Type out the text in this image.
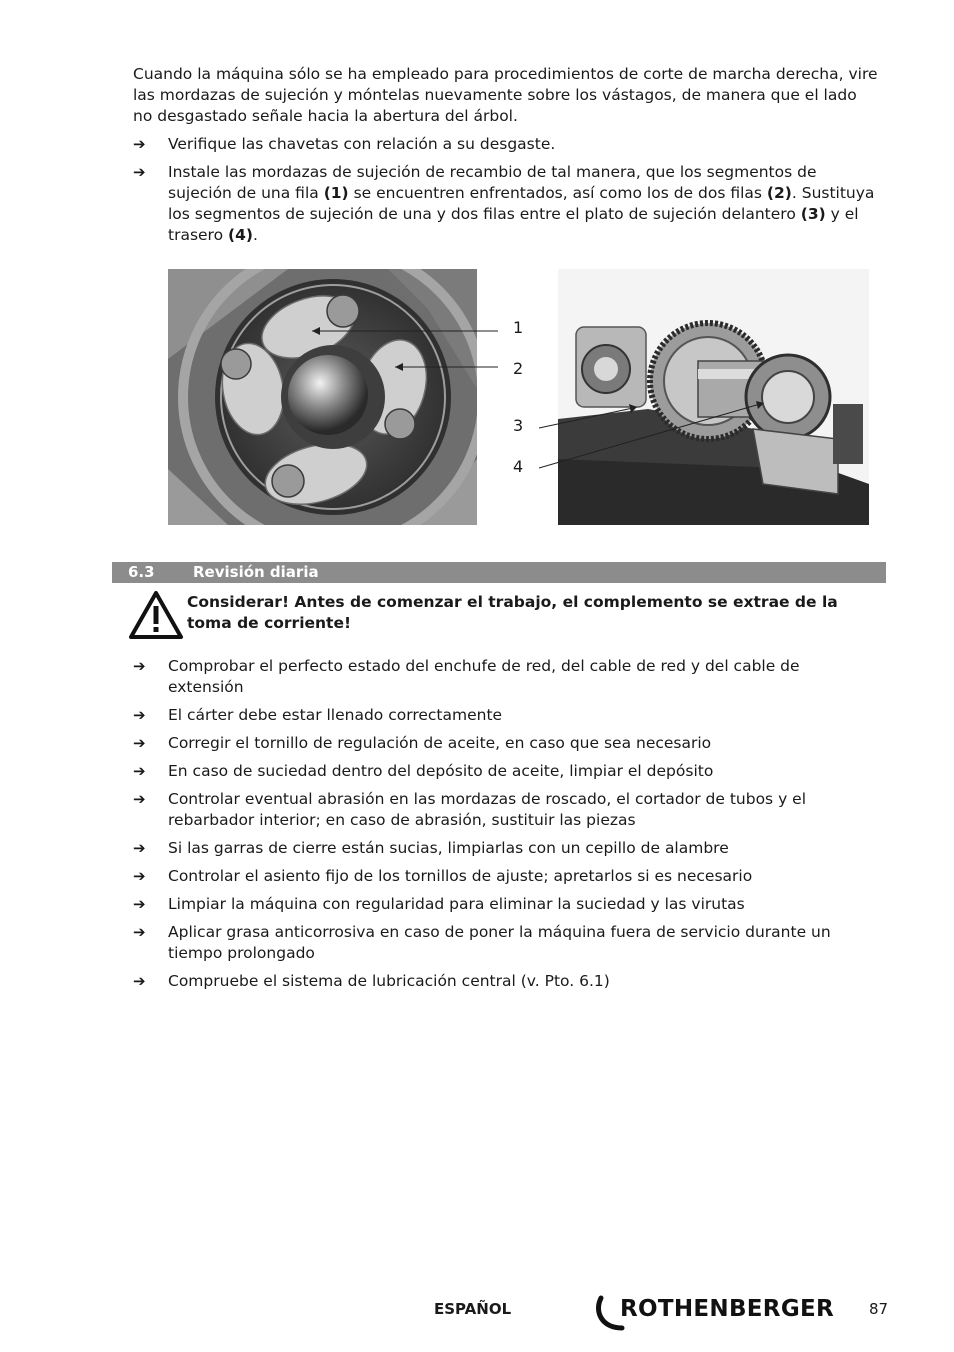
Cuando la máquina sólo se ha empleado para procedimientos de corte de marcha derecha, vire las mordazas de sujeción y móntelas nuevamente sobre los vástagos, de manera que el lado no desgastado señale hacia la abertura del árbol.

➔	Verifique las chavetas con relación a su desgaste.
➔	Instale las mordazas de sujeción de recambio de tal manera, que los segmentos de sujeción de una fila (1) se encuentren enfrentados, así como los de dos filas (2). Sustituya los segmentos de sujeción de una y dos filas entre el plato de sujeción delantero (3) y el trasero (4).
1
2
3
4
6.3	Revisión diaria
Considerar! Antes de comenzar el trabajo, el complemento se extrae de la toma de corriente!
➔	Comprobar el perfecto estado del enchufe de red, del cable de red y del cable de extensión
➔	El cárter debe estar llenado correctamente
➔	Corregir el tornillo de regulación de aceite, en caso que sea necesario
➔	En caso de suciedad dentro del depósito de aceite, limpiar el depósito
➔	Controlar eventual abrasión en las mordazas de roscado, el cortador de tubos y el rebarbador interior; en caso de abrasión, sustituir las piezas
➔	Si las garras de cierre están sucias, limpiarlas con un cepillo de alambre
➔	Controlar el asiento fijo de los tornillos de ajuste; apretarlos si es necesario
➔	Limpiar la máquina con regularidad para eliminar la suciedad y las virutas
➔	Aplicar grasa anticorrosiva en caso de poner la máquina fuera de servicio durante un tiempo prolongado
➔	Compruebe el sistema de lubricación central (v. Pto. 6.1)
ESPAÑOL	ROTHENBERGER 87
